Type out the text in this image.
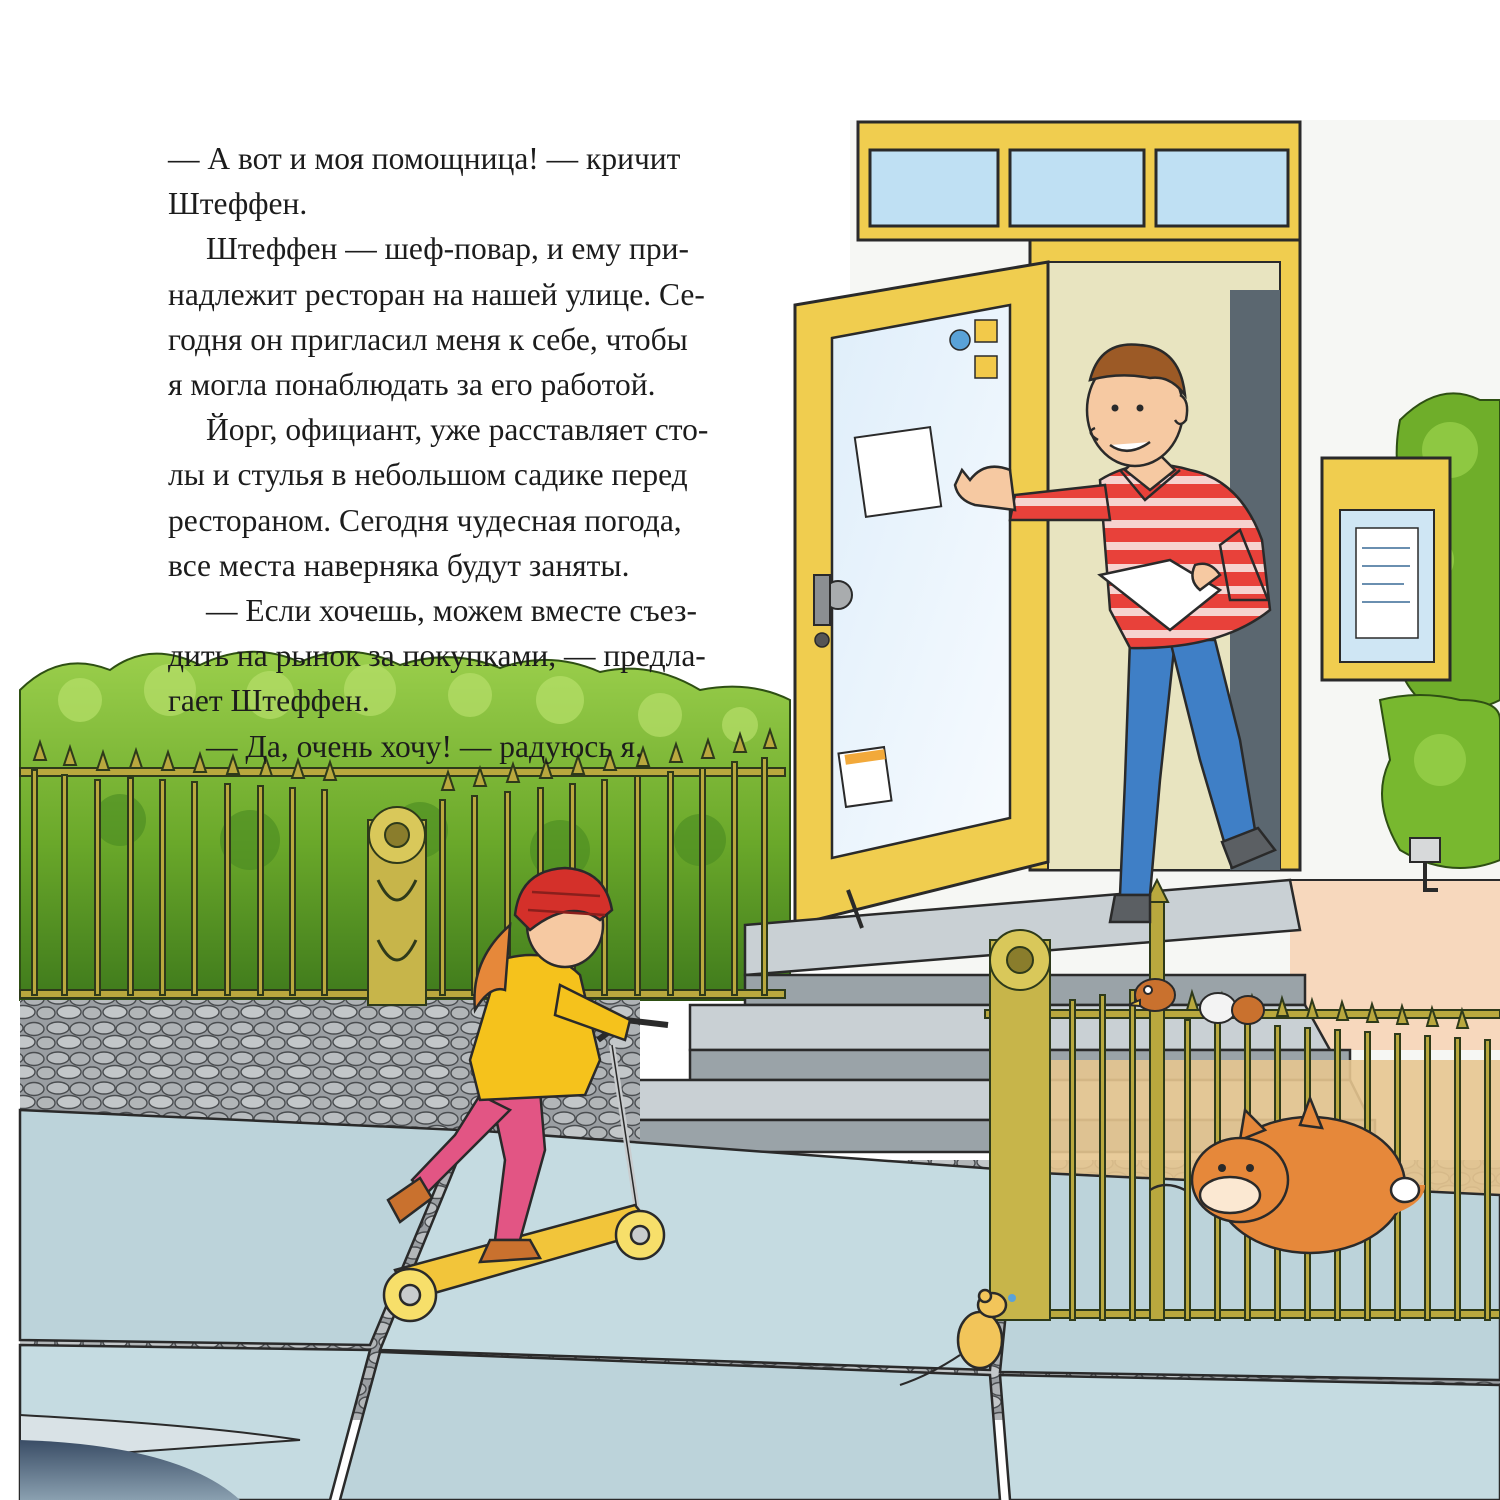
— А вот и моя помощница! — кричит
Штеффен.
Штеффен — шеф-повар, и ему при-
надлежит ресторан на нашей улице. Се-
годня он пригласил меня к себе, чтобы
я могла понаблюдать за его работой.
Йорг, официант, уже расставляет сто-
лы и стулья в небольшом садике перед
рестораном. Сегодня чудесная погода,
все места наверняка будут заняты.
— Если хочешь, можем вместе съез-
дить на рынок за покупками, — предла-
гает Штеффен.
— Да, очень хочу! — радуюсь я.
